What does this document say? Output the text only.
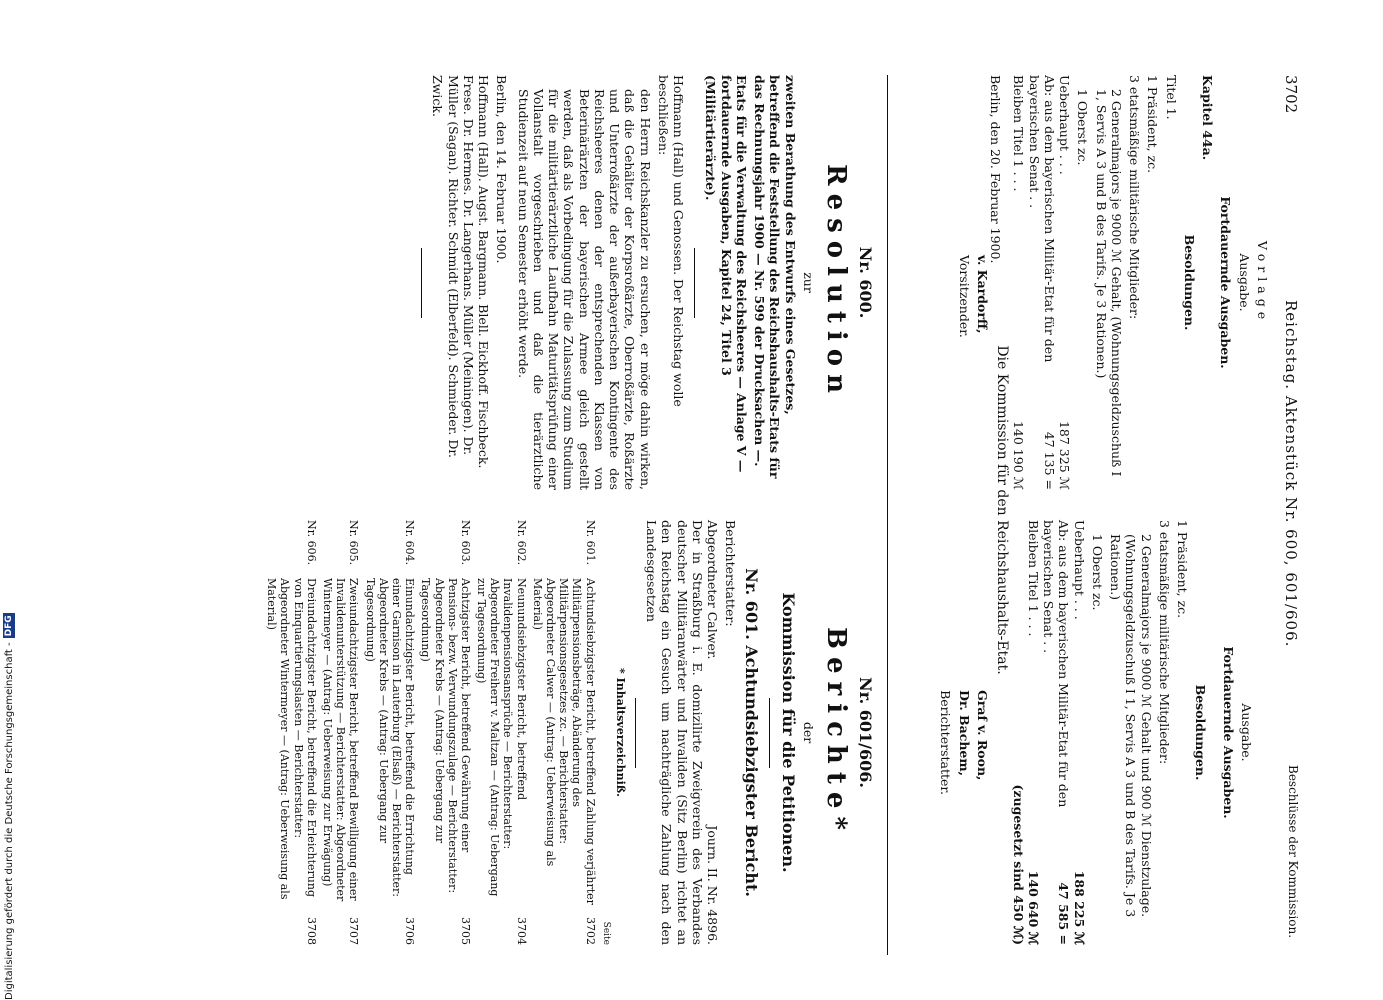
3702
Reichstag. Aktenstück Nr. 600, 601/606.
Beschlüsse der Kommission.

Vorlage

Ausgabe.

Fortdauernde Ausgaben.

Kapitel 44a.

Besoldungen.

Titel 1.

1 Präsident, zc.

3 etatsmäßige militärische Mitglieder:

2 Generalmajors je 9000 ℳ Gehalt, (Wohnungsgeldzuschuß I 1, Servis A 3 und B des Tarifs. Je 3 Rationen.)

1 Oberst zc.

Ueberhaupt . . .
187 325 ℳ
Ab: aus dem bayerischen Militär-Etat für den bayerischen Senat . .
47 135 =
Bleiben Titel 1 . . .
140 190 ℳ

Berlin, den 20. Februar 1900.

Ausgabe.

Fortdauernde Ausgaben.

Besoldungen.

1 Präsident, zc.

3 etatsmäßige militärische Mitglieder:

2 Generalmajors je 9000 ℳ Gehalt und 900 ℳ Dienstzulage. (Wohnungsgeldzuschuß I 1, Servis A 3 und B des Tarifs. Je 3 Rationen.)

1 Oberst zc.

Ueberhaupt . . .
188 225 ℳ
Ab: aus dem bayerischen Militär-Etat für den bayerischen Senat . .
47 585 =
Bleiben Titel 1 . . .
140 640 ℳ

(zugesetzt sind 450 ℳ)

Die Kommission für den Reichshaushalts-Etat.

v. Kardorff,

Vorsitzender.

Graf v. Roon,

Dr. Bachem,

Berichterstatter.

Nr. 600.

Resolution

zur

zweiten Berathung des Entwurfs eines Gesetzes, betreffend die Feststellung des Reichshaushalts-Etats für das Rechnungsjahr 1900 — Nr. 599 der Drucksachen —.

Etats für die Verwaltung des Reichsheeres — Anlage V — fortdauernde Ausgaben, Kapitel 24, Titel 3 (Militärtierärzte).

Hoffmann (Hall) und Genossen. Der Reichstag wolle beschließen:

den Herrn Reichskanzler zu ersuchen, er möge dahin wirken, daß die Gehälter der Korpsroßärzte, Oberroßärzte, Roßärzte und Unterroßärzte der außerbayerischen Kontingente des Reichsheeres denen der entsprechenden Klassen von Beterinärärzten der bayerischen Armee gleich gestellt werden, daß als Vorbedingung für die Zulassung zum Studium für die militärtierärztliche Laufbahn Maturitätsprüfung einer Vollanstalt vorgeschrieben und daß die tierärztliche Studienzeit auf neun Semester erhöht werde.

Berlin, den 14. Februar 1900.

Hoffmann (Hall). Augst. Bargmann. Blell. Eickhoff. Fischbeck. Frese. Dr. Hermes. Dr. Langerhans. Müller (Meiningen). Dr. Müller (Sagan). Richter. Schmidt (Elberfeld). Schmieder. Dr. Zwick.

Nr. 601/606.

Berichte*

der

Kommission für die Petitionen.

Nr. 601. Achtundsiebzigster Bericht.

Berichterstatter:

Abgeordneter Calwer.
Journ. II. Nr. 4896.

Der in Straßburg i. E. domizilirte Zweigverein des Verbandes deutscher Militäranwärter und Invaliden (Sitz Berlin) richtet an den Reichstag ein Gesuch um nachträgliche Zahlung nach den Landesgesetzen

* Inhaltsverzeichniß.

Seite

Nr. 601.
Achtundsiebzigster Bericht, betreffend Zahlung verjährter Militärpensionsbeträge, Abänderung des Militärpensionsgesetzes zc. — Berichterstatter: Abgeordneter Calwer — (Antrag: Ueberweisung als Material)
3702
Nr. 602.
Neunundsiebzigster Bericht, betreffend Invalidenpensionsansprüche — Berichterstatter: Abgeordneter Freiherr v. Maltzan — (Antrag: Uebergang zur Tagesordnung)
3704
Nr. 603.
Achtzigster Bericht, betreffend Gewährung einer Pensions- bezw. Verwundungszulage — Berichterstatter: Abgeordneter Krebs — (Antrag: Uebergang zur Tagesordnung)
3705
Nr. 604.
Einundachtzigster Bericht, betreffend die Errichtung einer Garnison in Lauterburg (Elsaß) — Berichterstatter: Abgeordneter Krebs — (Antrag: Uebergang zur Tagesordnung)
3706
Nr. 605.
Zweiundachtzigster Bericht, betreffend Bewilligung einer Invalidenunterstützung — Berichterstatter: Abgeordneter Wintermeyer — (Antrag: Ueberweisung zur Erwägung)
3707
Nr. 606.
Dreiundachtzigster Bericht, betreffend die Erleichterung von Einquartierungslasten — Berichterstatter: Abgeordneter Wintermeyer — (Antrag: Ueberweisung als Material)
3708
Digitalisierung gefördert durch die Deutsche Forschungsgemeinschaft -
DFG
